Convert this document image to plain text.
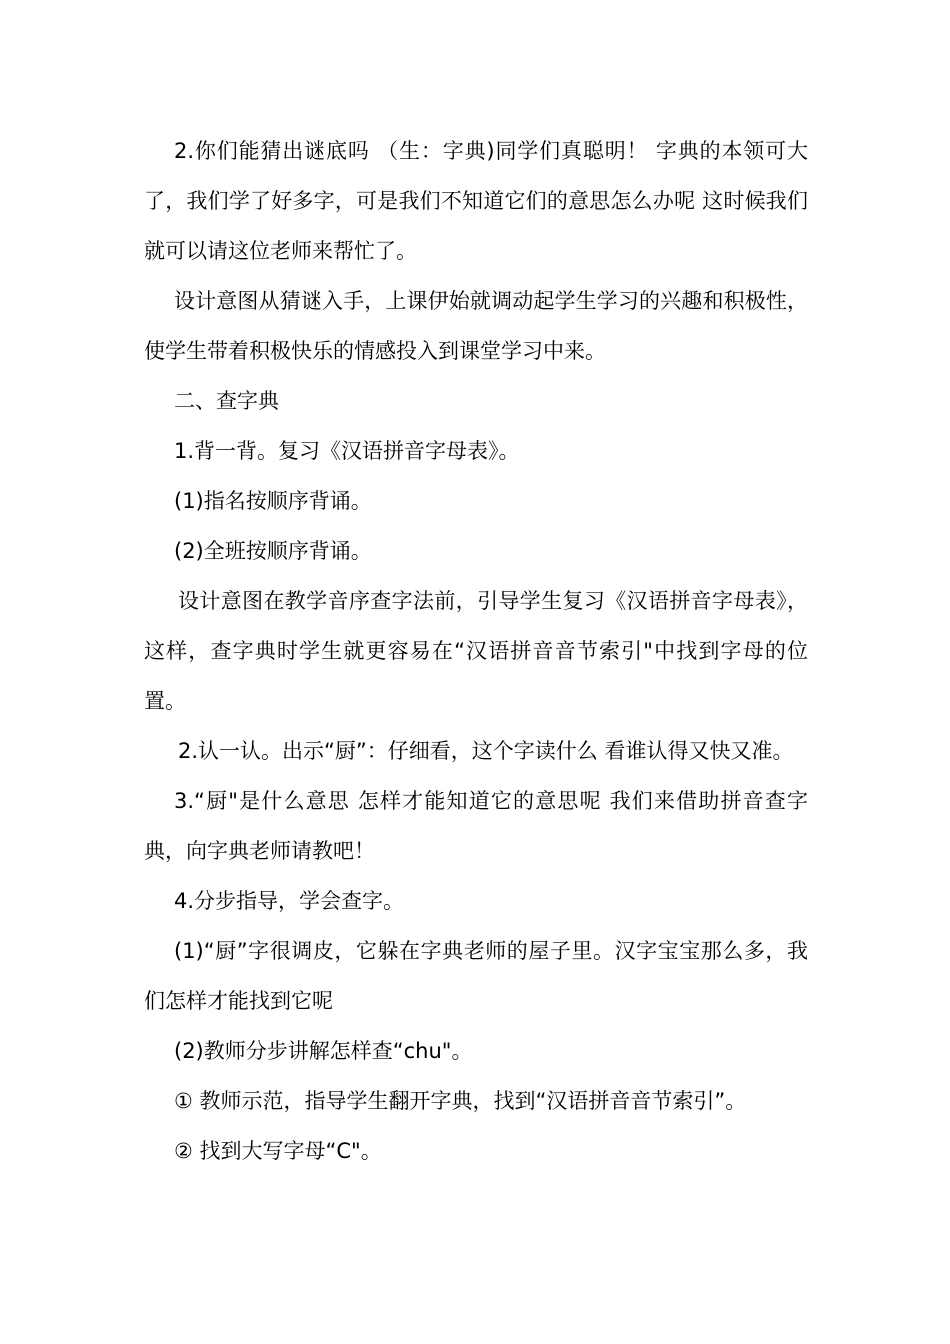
2.你们能猜出谜底吗 （生：字典)同学们真聪明！ 字典的本领可大了，我们学了好多字，可是我们不知道它们的意思怎么办呢 这时候我们就可以请这位老师来帮忙了。

设计意图从猜谜入手，上课伊始就调动起学生学习的兴趣和积极性，使学生带着积极快乐的情感投入到课堂学习中来。

二、查字典

1.背一背。复习《汉语拼音字母表》。

(1)指名按顺序背诵。

(2)全班按顺序背诵。

设计意图在教学音序查字法前，引导学生复习《汉语拼音字母表》，这样，查字典时学生就更容易在“汉语拼音音节索引"中找到字母的位置。

2.认一认。出示“厨”：仔细看，这个字读什么 看谁认得又快又准。

3.“厨"是什么意思 怎样才能知道它的意思呢 我们来借助拼音查字典，向字典老师请教吧！

4.分步指导，学会查字。

(1)“厨”字很调皮，它躲在字典老师的屋子里。汉字宝宝那么多，我们怎样才能找到它呢

(2)教师分步讲解怎样查“chu"。

① 教师示范，指导学生翻开字典，找到“汉语拼音音节索引”。

② 找到大写字母“C"。
